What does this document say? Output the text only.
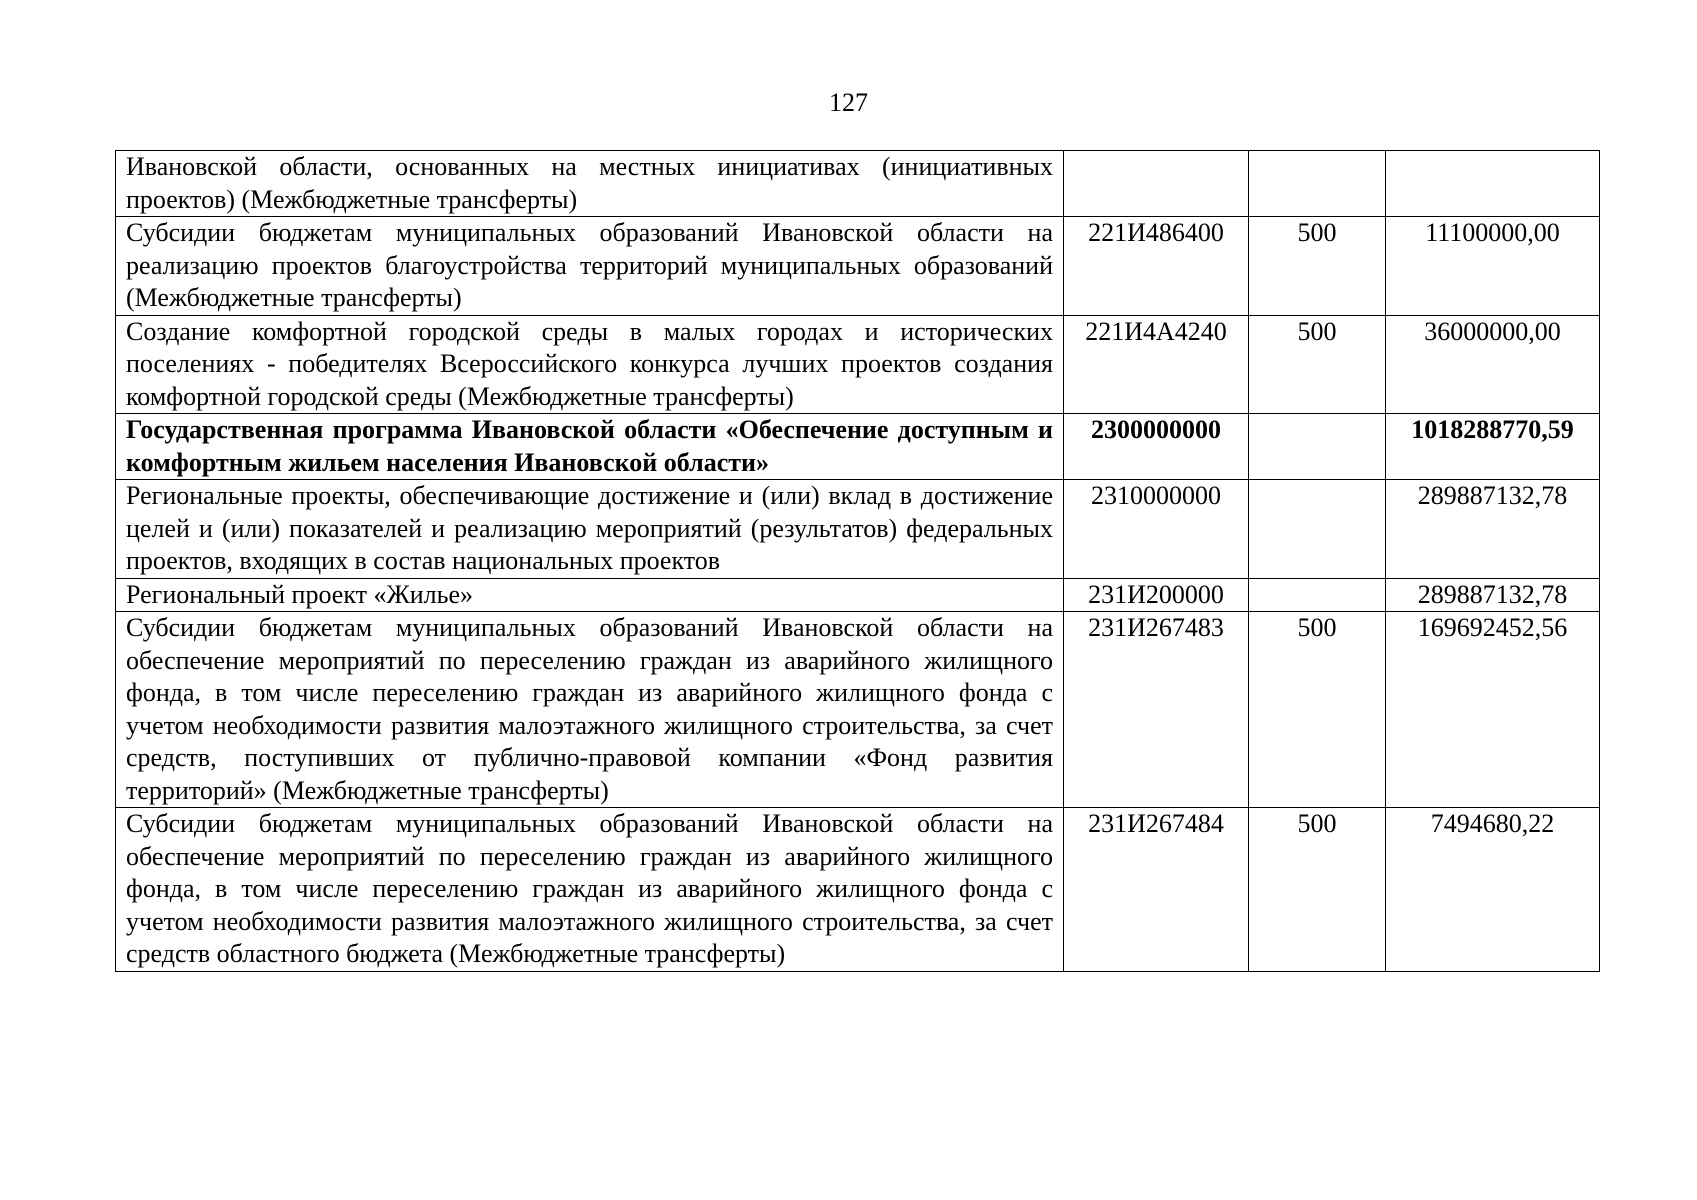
127
Ивановской области, основанных на местных инициативах (инициативных проектов) (Межбюджетные трансферты)			
Субсидии бюджетам муниципальных образований Ивановской области на реализацию проектов благоустройства территорий муниципальных образований (Межбюджетные трансферты)	221И486400	500	11100000,00
Создание комфортной городской среды в малых городах и исторических поселениях - победителях Всероссийского конкурса лучших проектов создания комфортной городской среды (Межбюджетные трансферты)	221И4А4240	500	36000000,00
Государственная программа Ивановской области «Обеспечение доступным и комфортным жильем населения Ивановской области»	2300000000		1018288770,59
Региональные проекты, обеспечивающие достижение и (или) вклад в достижение целей и (или) показателей и реализацию мероприятий (результатов) федеральных проектов, входящих в состав национальных проектов	2310000000		289887132,78
Региональный проект «Жилье»	231И200000		289887132,78
Субсидии бюджетам муниципальных образований Ивановской области на обеспечение мероприятий по переселению граждан из аварийного жилищного фонда, в том числе переселению граждан из аварийного жилищного фонда с учетом необходимости развития малоэтажного жилищного строительства, за счет средств, поступивших от публично-правовой компании «Фонд развития территорий» (Межбюджетные трансферты)	231И267483	500	169692452,56
Субсидии бюджетам муниципальных образований Ивановской области на обеспечение мероприятий по переселению граждан из аварийного жилищного фонда, в том числе переселению граждан из аварийного жилищного фонда с учетом необходимости развития малоэтажного жилищного строительства, за счет средств областного бюджета (Межбюджетные трансферты)	231И267484	500	7494680,22
